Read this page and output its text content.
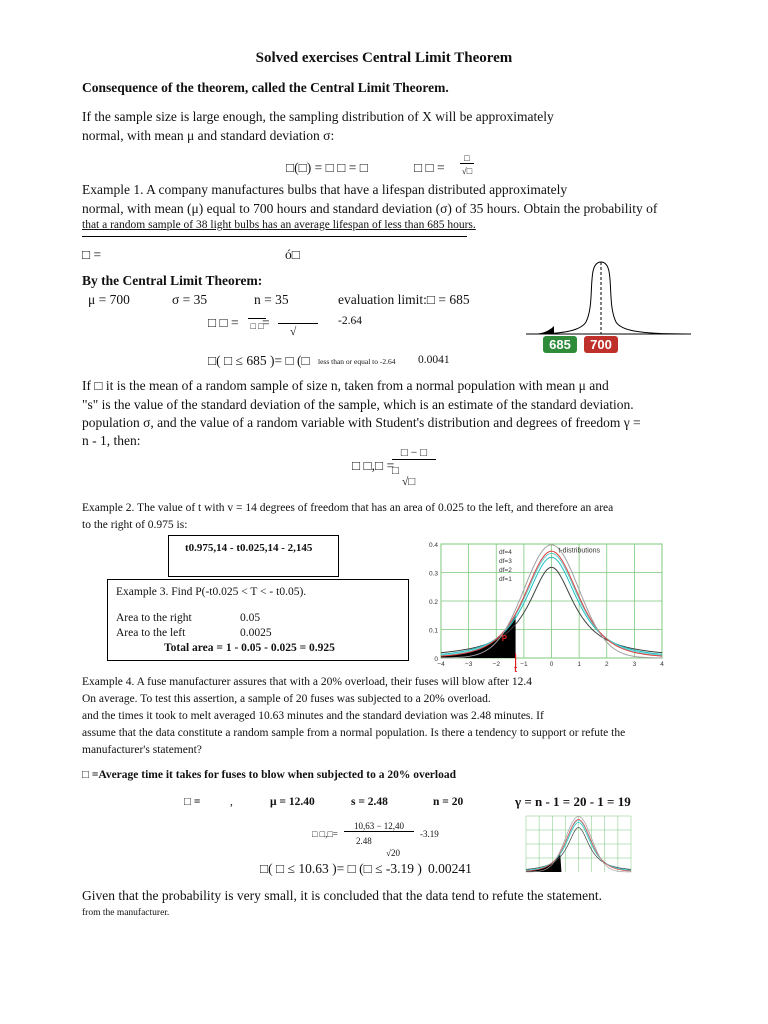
Solved exercises Central Limit Theorem
Consequence of the theorem, called the Central Limit Theorem.
If the sample size is large enough, the sampling distribution of X will be approximately
normal, with mean μ and standard deviation σ:
□(□) = □ □ = □	□ □ =
□
√□
Example 1. A company manufactures bulbs that have a lifespan distributed approximately
normal, with mean (μ) equal to 700 hours and standard deviation (σ) of 35 hours. Obtain the probability of
that a random sample of 38 light bulbs has an average lifespan of less than 685 hours.
□ =	ó□
By the Central Limit Theorem:
μ = 700	σ = 35	n = 35	evaluation limit:□ = 685
□ □ = □ □
=
√
-2.64
□( □ ≤ 685 )= □ (□ less than or equal to -2.64 0.0041
685 700
If □ it is the mean of a random sample of size n, taken from a normal population with mean μ and
"s" is the value of the standard deviation of the sample, which is an estimate of the standard deviation.
population σ, and the value of a random variable with Student's distribution and degrees of freedom γ =
n - 1, then:
□ □,□ =
□ − □
□
√□
Example 2. The value of t with v = 14 degrees of freedom that has an area of 0.025 to the left, and therefore an area
to the right of 0.975 is:
t0.975,14 - t0.025,14 - 2,145
Example 3. Find P(-t0.025 < T < - t0.05).
Area to the right	0.05
Area to the left	0.0025
Total area = 1 - 0.05 - 0.025 = 0.925
0.4
0.3
0.2
0.1
0
−4	−3	−2	−1	0	1	2	3	4
t-distributions
df=4
df=3
df=2
df=1
P
t
Example 4. A fuse manufacturer assures that with a 20% overload, their fuses will blow after 12.4
On average. To test this assertion, a sample of 20 fuses was subjected to a 20% overload.
and the times it took to melt averaged 10.63 minutes and the standard deviation was 2.48 minutes. If
assume that the data constitute a random sample from a normal population. Is there a tendency to support or refute the
manufacturer's statement?
□ =Average time it takes for fuses to blow when subjected to a 20% overload
□ =	,	μ = 12.40	s = 2.48	n = 20	γ = n - 1 = 20 - 1 = 19
□ □,□=
10,63 − 12,40
2.48
√20
-3.19
□( □ ≤ 10.63 )= □ (□ ≤ -3.19 ) 0.00241
Given that the probability is very small, it is concluded that the data tend to refute the statement.
from the manufacturer.
